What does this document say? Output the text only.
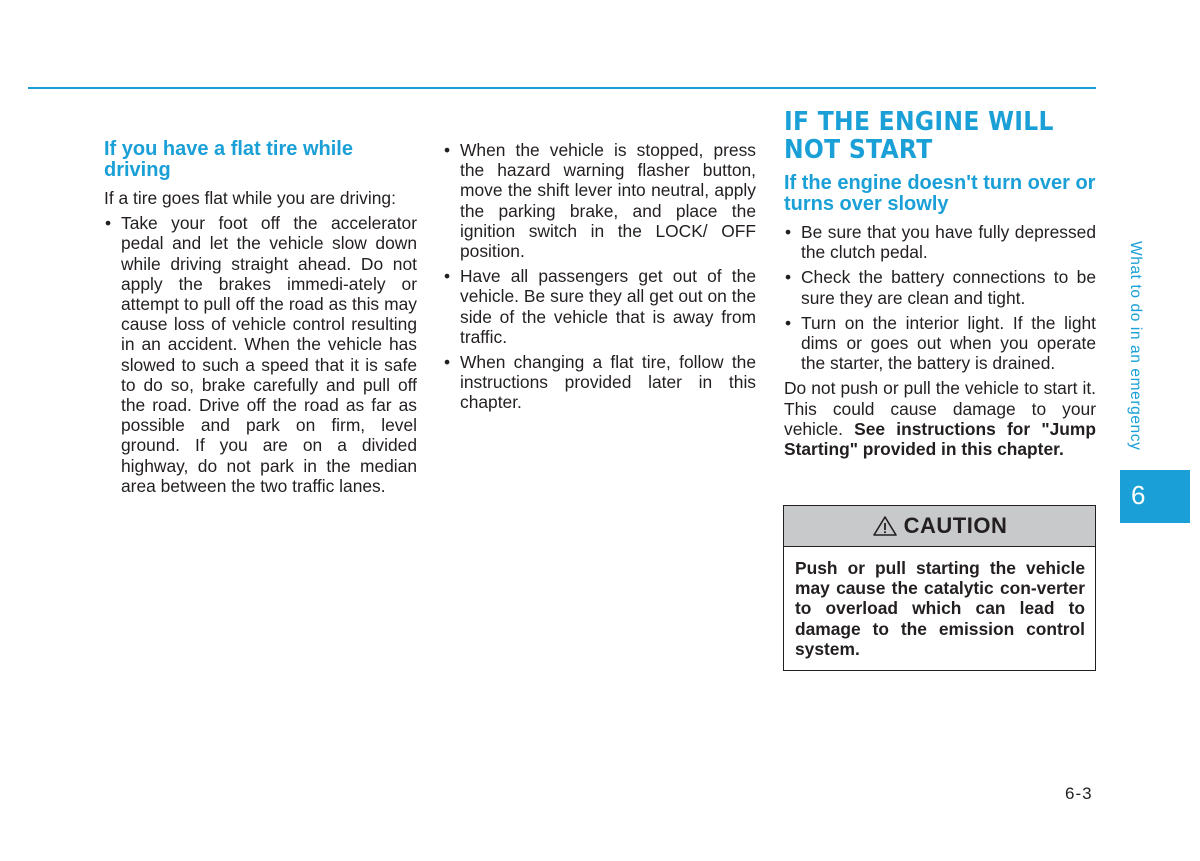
If you have a flat tire while driving

If a tire goes flat while you are driving:

• Take your foot off the accelerator pedal and let the vehicle slow down while driving straight ahead. Do not apply the brakes immedi-ately or attempt to pull off the road as this may cause loss of vehicle control resulting in an accident. When the vehicle has slowed to such a speed that it is safe to do so, brake carefully and pull off the road. Drive off the road as far as possible and park on firm, level ground. If you are on a divided highway, do not park in the median area between the two traffic lanes.
• When the vehicle is stopped, press the hazard warning flasher button, move the shift lever into neutral, apply the parking brake, and place the ignition switch in the LOCK/ OFF position.
• Have all passengers get out of the vehicle. Be sure they all get out on the side of the vehicle that is away from traffic.
• When changing a flat tire, follow the instructions provided later in this chapter.
IF THE ENGINE WILL NOT START
If the engine doesn't turn over or turns over slowly
• Be sure that you have fully depressed the clutch pedal.
• Check the battery connections to be sure they are clean and tight.
• Turn on the interior light. If the light dims or goes out when you operate the starter, the battery is drained.

Do not push or pull the vehicle to start it. This could cause damage to your vehicle. See instructions for "Jump Starting" provided in this chapter.

CAUTION
Push or pull starting the vehicle may cause the catalytic con-verter to overload which can lead to damage to the emission control system.
What to do in an emergency
6
6-3
